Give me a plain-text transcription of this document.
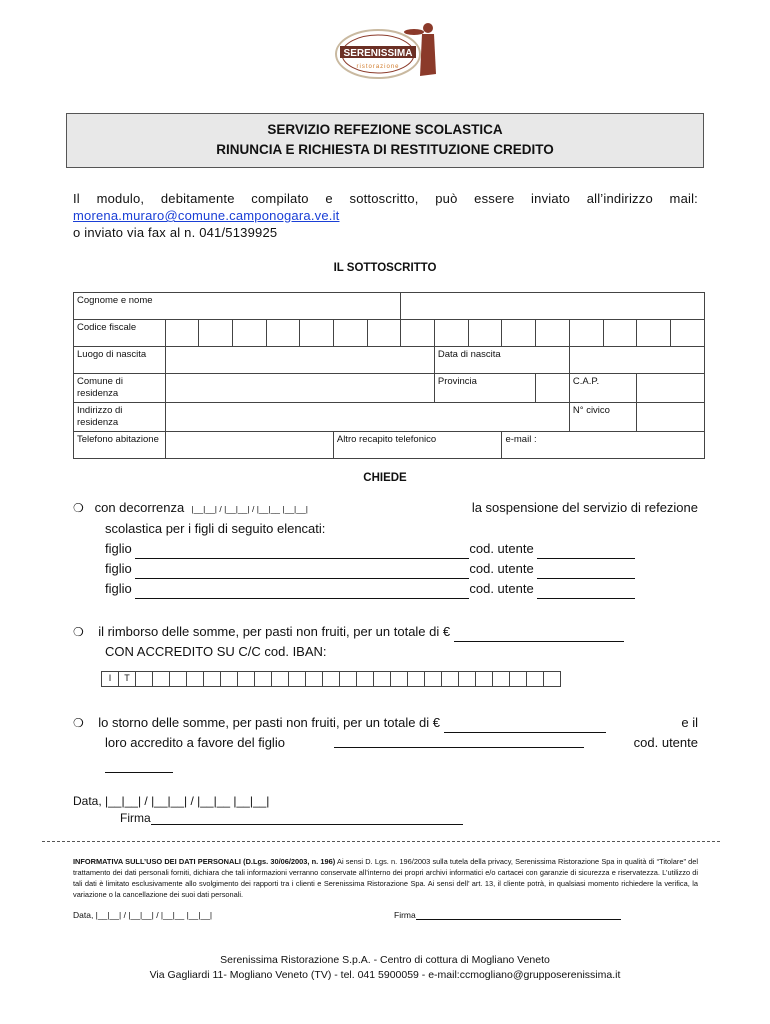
SERENISSIMA
ristorazione
SERVIZIO REFEZIONE SCOLASTICA
RINUNCIA E RICHIESTA DI RESTITUZIONE CREDITO
Il modulo, debitamente compilato e sottoscritto, può essere inviato all’indirizzo mail:
morena.muraro@comune.camponogara.ve.it
o inviato via fax al n. 041/5139925
IL SOTTOSCRITTO
Cognome e nome																
Codice fiscale																
Luogo di nascita									Data di nascita							
Comune di residenza									Provincia				C.A.P.			
Indirizzo di residenza													N° civico			
Telefono abitazione						Altro recapito telefonico					e-mail :					
CHIEDE
❍ con decorrenza |__|__| / |__|__| / |__|__ |__|__|	la sospensione del servizio di refezione
scolastica per i figli di seguito elencati:
figlio	cod. utente
figlio	cod. utente
figlio	cod. utente
❍ il rimborso delle somme, per pasti non fruiti, per un totale di €
CON ACCREDITO SU C/C cod. IBAN:
I	T																									
❍ lo storno delle somme, per pasti non fruiti, per un totale di €	e il
loro accredito a favore del figlio	cod. utente
Data, |__|__| / |__|__| / |__|__ |__|__|
Firma
INFORMATIVA SULL’USO DEI DATI PERSONALI (D.Lgs. 30/06/2003, n. 196) Ai sensi D. Lgs. n. 196/2003 sulla tutela della privacy, Serenissima Ristorazione Spa in qualità di “Titolare” del trattamento dei dati personali forniti, dichiara che tali informazioni verranno conservate all’interno dei propri archivi informatici e/o cartacei con garanzie di sicurezza e riservatezza. L’utilizzo di tali dati è limitato esclusivamente allo svolgimento dei rapporti tra i clienti e Serenissima Ristorazione Spa. Ai sensi dell’ art. 13, il cliente potrà, in qualsiasi momento richiedere la verifica, la variazione o la cancellazione dei suoi dati personali.
Data, |__|__| / |__|__| / |__|__ |__|__|	Firma
Serenissima Ristorazione S.p.A. - Centro di cottura di Mogliano Veneto
Via Gagliardi 11- Mogliano Veneto (TV) - tel. 041 5900059 - e-mail:ccmogliano@grupposerenissima.it
